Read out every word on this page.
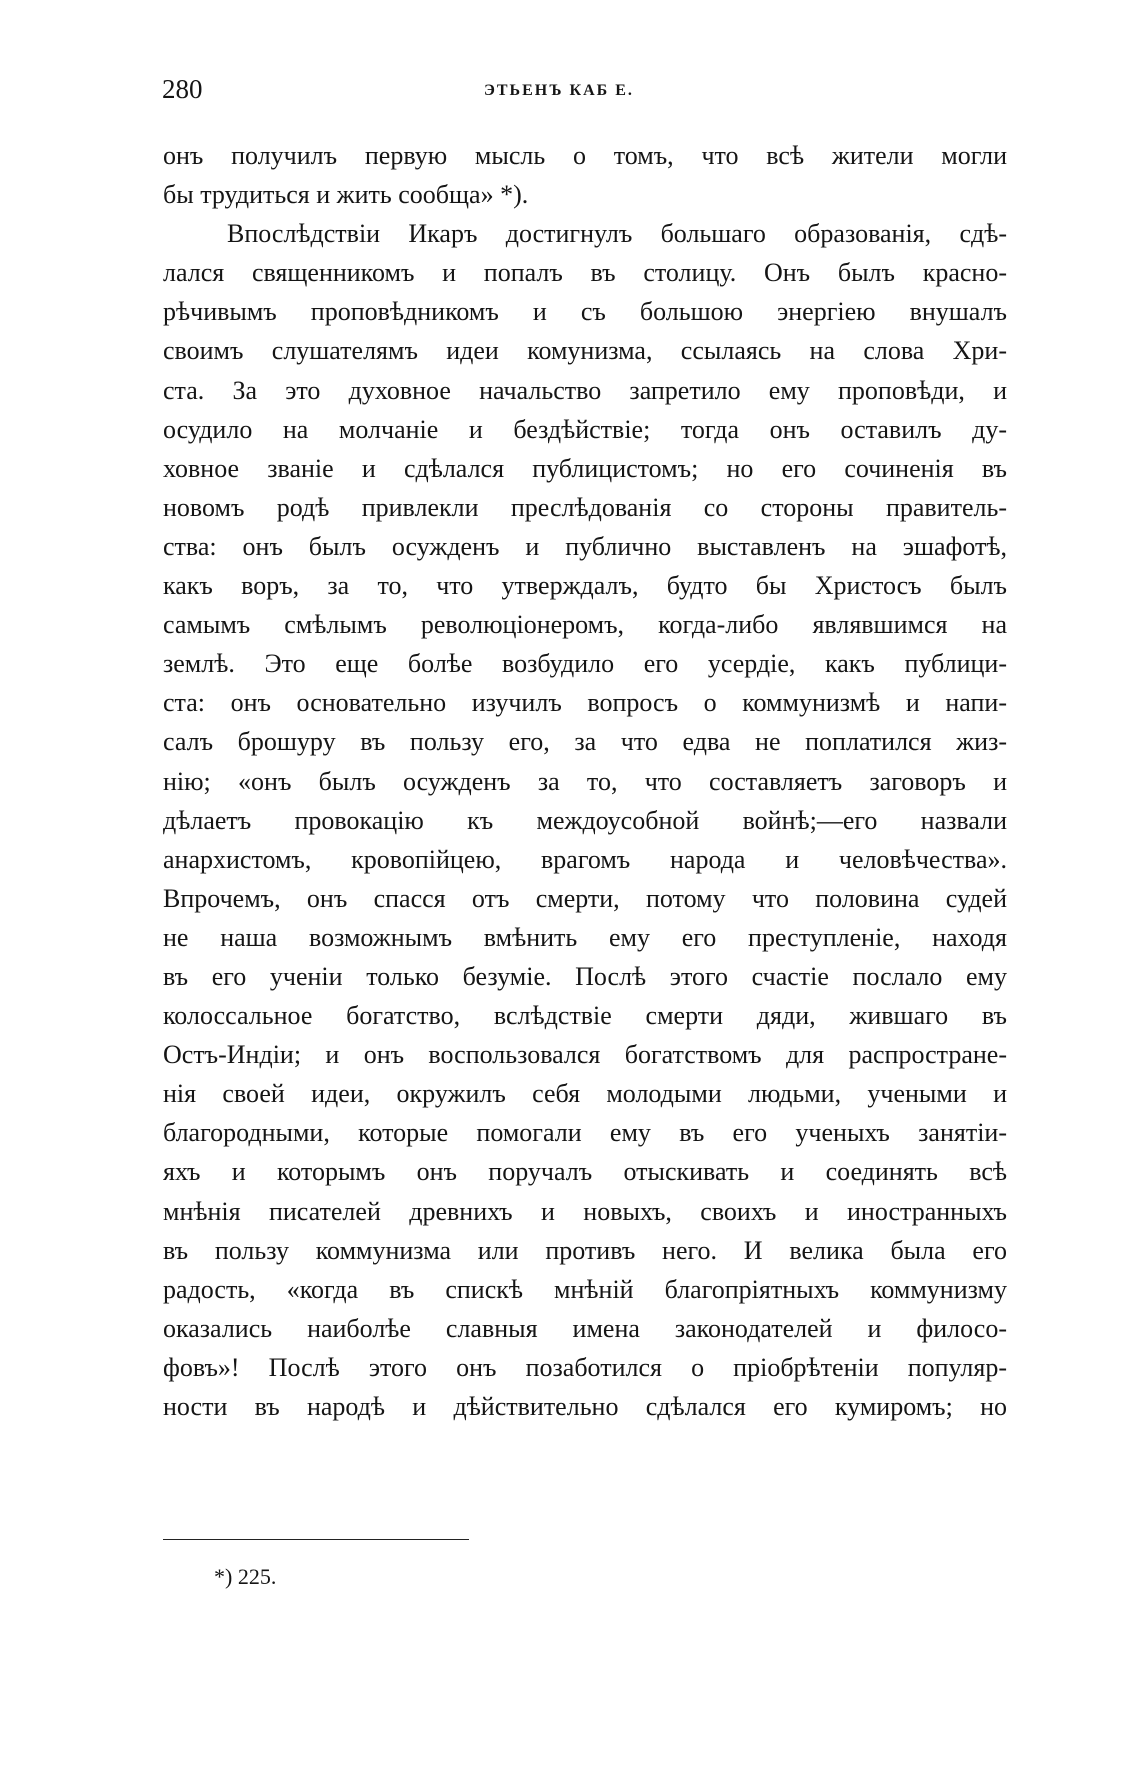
280	ЭТЬЕНЪ КАБ Е.
онъ получилъ первую мысль о томъ, что всѣ жители могли
бы трудиться и жить сообща» *).
Впослѣдствіи Икаръ достигнулъ большаго образованія, сдѣ-
лался священникомъ и попалъ въ столицу. Онъ былъ красно-
рѣчивымъ проповѣдникомъ и съ большою энергіею внушалъ
своимъ слушателямъ идеи комунизма, ссылаясь на слова Хри-
ста. За это духовное начальство запретило ему проповѣди, и
осудило на молчаніе и бездѣйствіе; тогда онъ оставилъ ду-
ховное званіе и сдѣлался публицистомъ; но его сочиненія въ
новомъ родѣ привлекли преслѣдованія со стороны правитель-
ства: онъ былъ осужденъ и публично выставленъ на эшафотѣ,
какъ воръ, за то, что утверждалъ, будто бы Христосъ былъ
самымъ смѣлымъ революціонеромъ, когда-либо являвшимся на
землѣ. Это еще болѣе возбудило его усердіе, какъ публици-
ста: онъ основательно изучилъ вопросъ о коммунизмѣ и напи-
салъ брошуру въ пользу его, за что едва не поплатился жиз-
нію; «онъ былъ осужденъ за то, что составляетъ заговоръ и
дѣлаетъ провокацію къ междоусобной войнѣ;—его назвали
анархистомъ, кровопійцею, врагомъ народа и человѣчества».
Впрочемъ, онъ спасся отъ смерти, потому что половина судей
не наша возможнымъ вмѣнить ему его преступленіе, находя
въ его ученіи только безуміе. Послѣ этого счастіе послало ему
колоссальное богатство, вслѣдствіе смерти дяди, жившаго въ
Остъ-Индіи; и онъ воспользовался богатствомъ для распростране-
нія своей идеи, окружилъ себя молодыми людьми, учеными и
благородными, которые помогали ему въ его ученыхъ занятіи-
яхъ и которымъ онъ поручалъ отыскивать и соединять всѣ
мнѣнія писателей древнихъ и новыхъ, своихъ и иностранныхъ
въ пользу коммунизма или противъ него. И велика была его
радость, «когда въ спискѣ мнѣній благопріятныхъ коммунизму
оказались наиболѣе славныя имена законодателей и филосо-
фовъ»! Послѣ этого онъ позаботился о пріобрѣтеніи популяр-
ности въ народѣ и дѣйствительно сдѣлался его кумиромъ; но
*) 225.
